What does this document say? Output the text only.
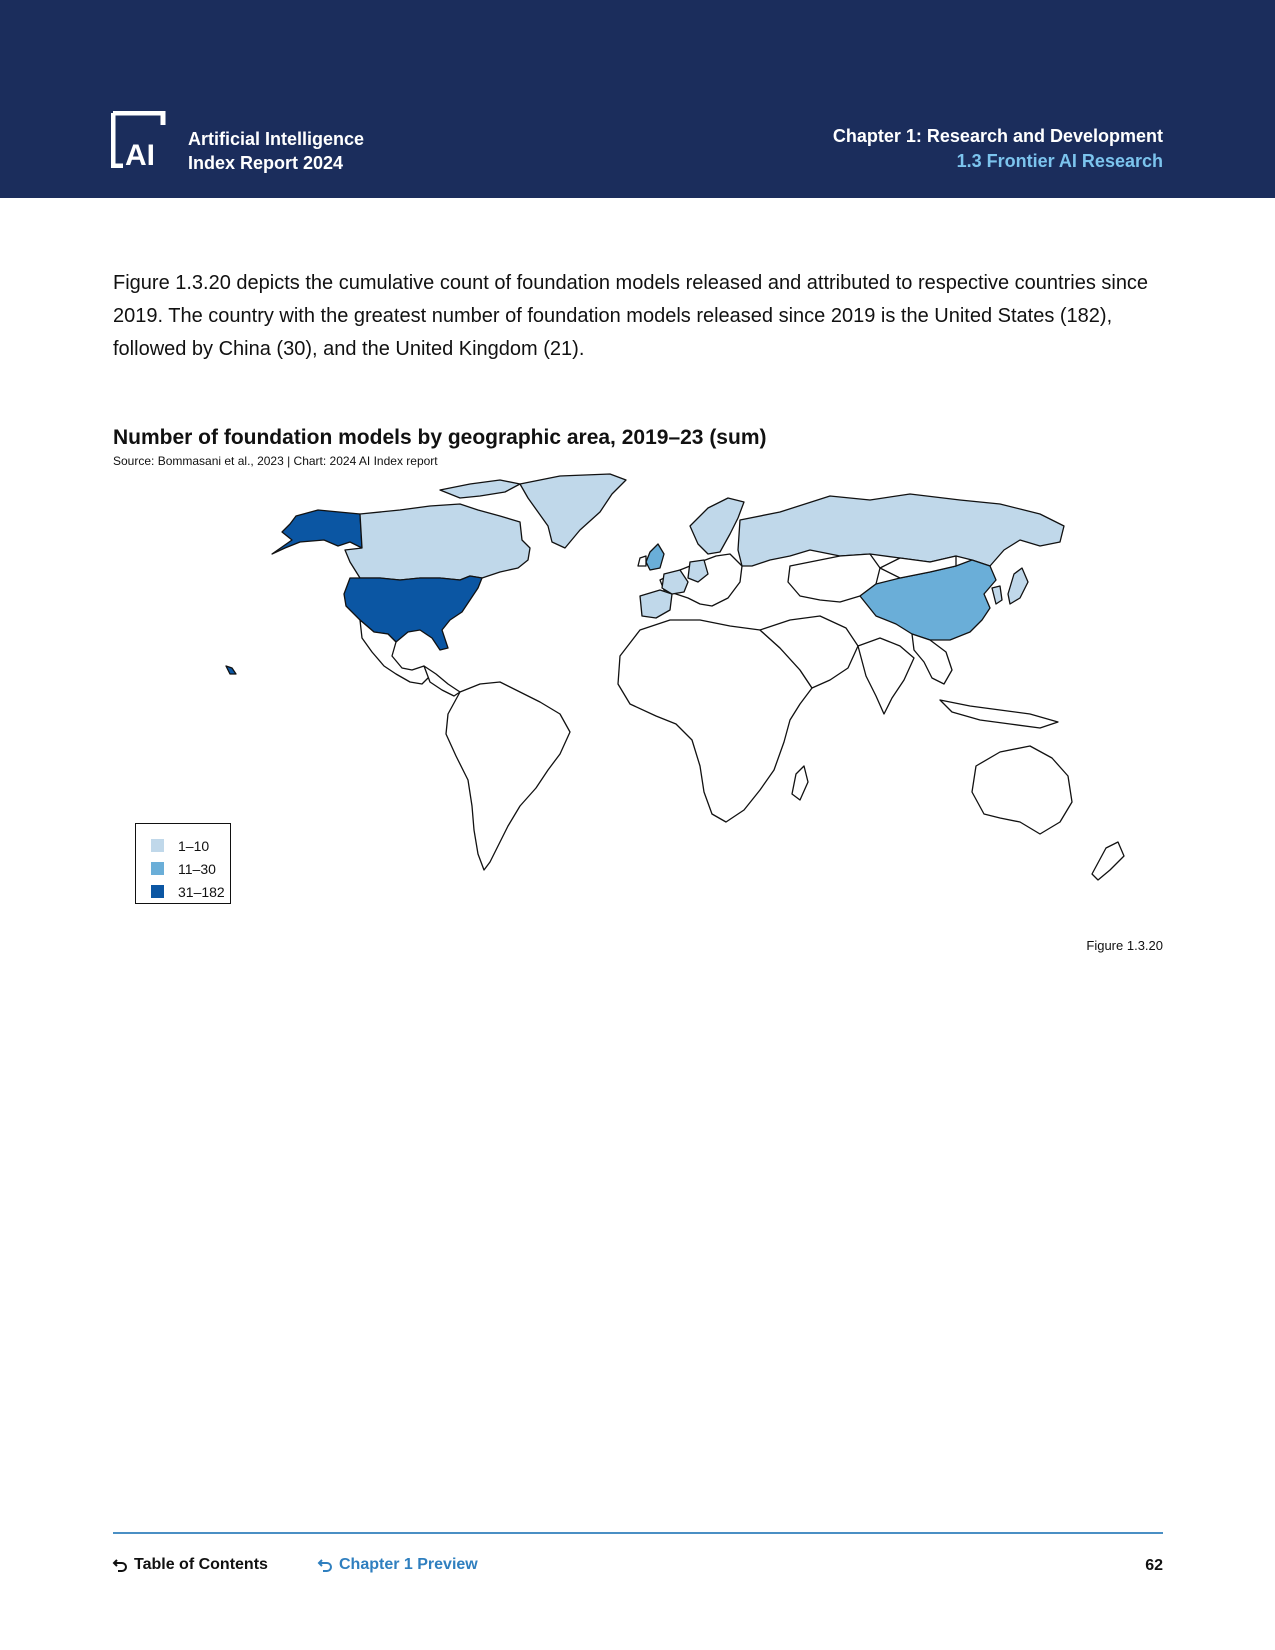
AI Artificial Intelligence
Index Report 2024
Chapter 1: Research and Development
1.3 Frontier AI Research

Figure 1.3.20 depicts the cumulative count of foundation models released and attributed to respective countries since 2019. The country with the greatest number of foundation models released since 2019 is the United States (182), followed by China (30), and the United Kingdom (21).

Number of foundation models by geographic area, 2019–23 (sum)
Source: Bommasani et al., 2023 | Chart: 2024 AI Index report
1–10
11–30
31–182
Figure 1.3.20
Table of Contents	Chapter 1 Preview	62
